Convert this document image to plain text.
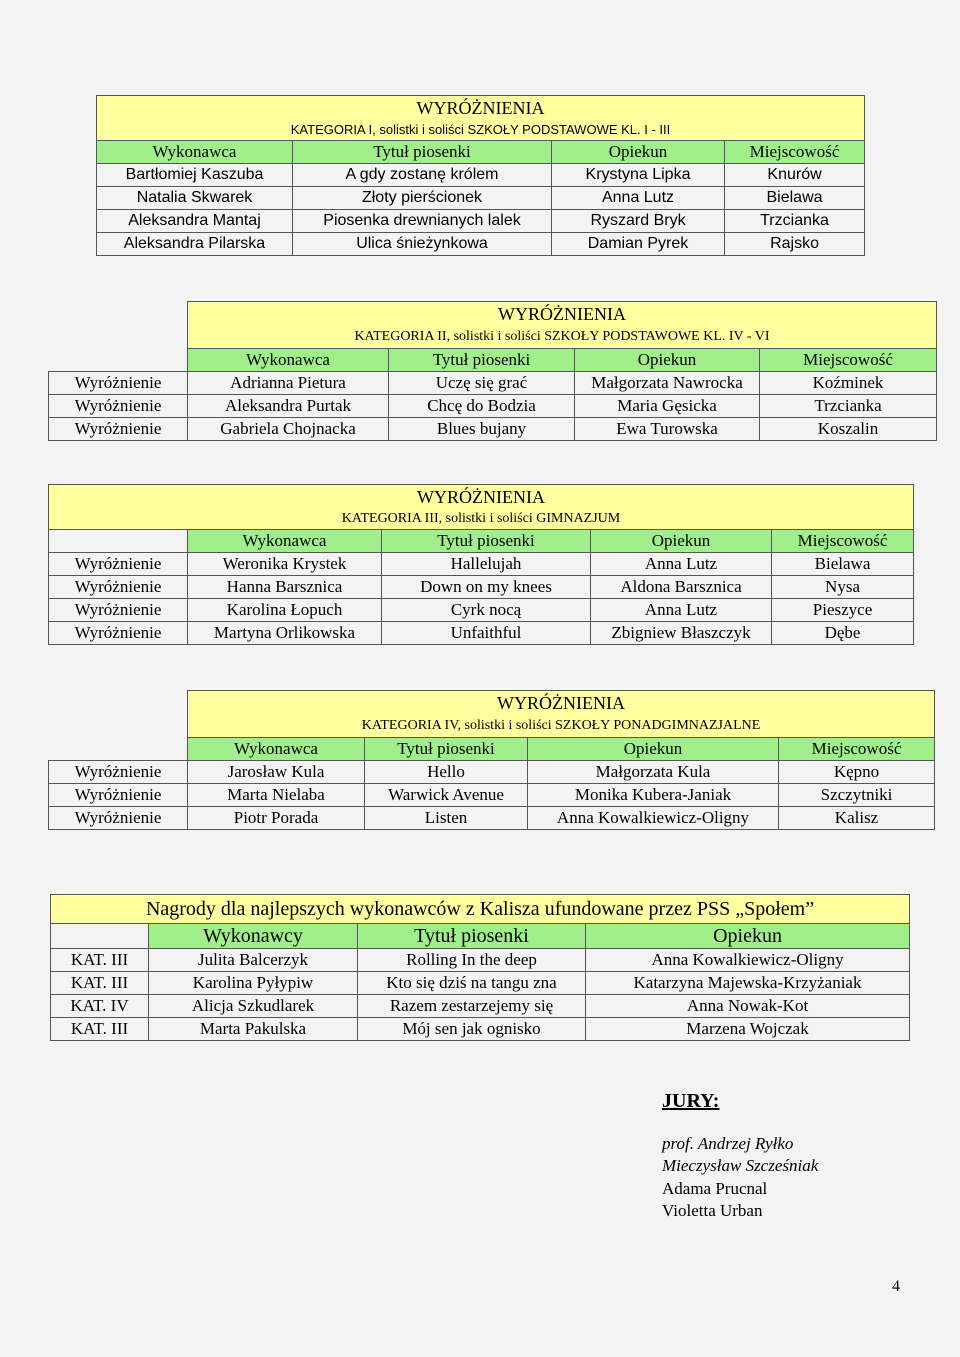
WYRÓŻNIENIA			
KATEGORIA I, solistki i soliści SZKOŁY PODSTAWOWE KL. I - III			
Wykonawca	Tytuł piosenki	Opiekun	Miejscowość
Bartłomiej Kaszuba	A gdy zostanę królem	Krystyna Lipka	Knurów
Natalia Skwarek	Złoty pierścionek	Anna Lutz	Bielawa
Aleksandra Mantaj	Piosenka drewnianych lalek	Ryszard Bryk	Trzcianka
Aleksandra Pilarska	Ulica śnieżynkowa	Damian Pyrek	Rajsko
	WYRÓŻNIENIA			
	KATEGORIA II, solistki i soliści SZKOŁY PODSTAWOWE KL. IV - VI			
	Wykonawca	Tytuł piosenki	Opiekun	Miejscowość
Wyróżnienie	Adrianna Pietura	Uczę się grać	Małgorzata Nawrocka	Koźminek
Wyróżnienie	Aleksandra Purtak	Chcę do Bodzia	Maria Gęsicka	Trzcianka
Wyróżnienie	Gabriela Chojnacka	Blues bujany	Ewa Turowska	Koszalin
WYRÓŻNIENIA				
KATEGORIA III, solistki i soliści GIMNAZJUM				
	Wykonawca	Tytuł piosenki	Opiekun	Miejscowość
Wyróżnienie	Weronika Krystek	Hallelujah	Anna Lutz	Bielawa
Wyróżnienie	Hanna Barsznica	Down on my knees	Aldona Barsznica	Nysa
Wyróżnienie	Karolina Łopuch	Cyrk nocą	Anna Lutz	Pieszyce
Wyróżnienie	Martyna Orlikowska	Unfaithful	Zbigniew Błaszczyk	Dębe
	WYRÓŻNIENIA			
	KATEGORIA IV, solistki i soliści SZKOŁY PONADGIMNAZJALNE			
	Wykonawca	Tytuł piosenki	Opiekun	Miejscowość
Wyróżnienie	Jarosław Kula	Hello	Małgorzata Kula	Kępno
Wyróżnienie	Marta Nielaba	Warwick Avenue	Monika Kubera-Janiak	Szczytniki
Wyróżnienie	Piotr Porada	Listen	Anna Kowalkiewicz-Oligny	Kalisz
Nagrody dla najlepszych wykonawców z Kalisza ufundowane przez PSS „Społem”			
	Wykonawcy	Tytuł piosenki	Opiekun
KAT. III	Julita Balcerzyk	Rolling In the deep	Anna Kowalkiewicz-Oligny
KAT. III	Karolina Pyłypiw	Kto się dziś na tangu zna	Katarzyna Majewska-Krzyżaniak
KAT. IV	Alicja Szkudlarek	Razem zestarzejemy się	Anna Nowak-Kot
KAT. III	Marta Pakulska	Mój sen jak ognisko	Marzena Wojczak
JURY:
prof. Andrzej Ryłko
Mieczysław Szcześniak
Adama Prucnal
Violetta Urban
4
